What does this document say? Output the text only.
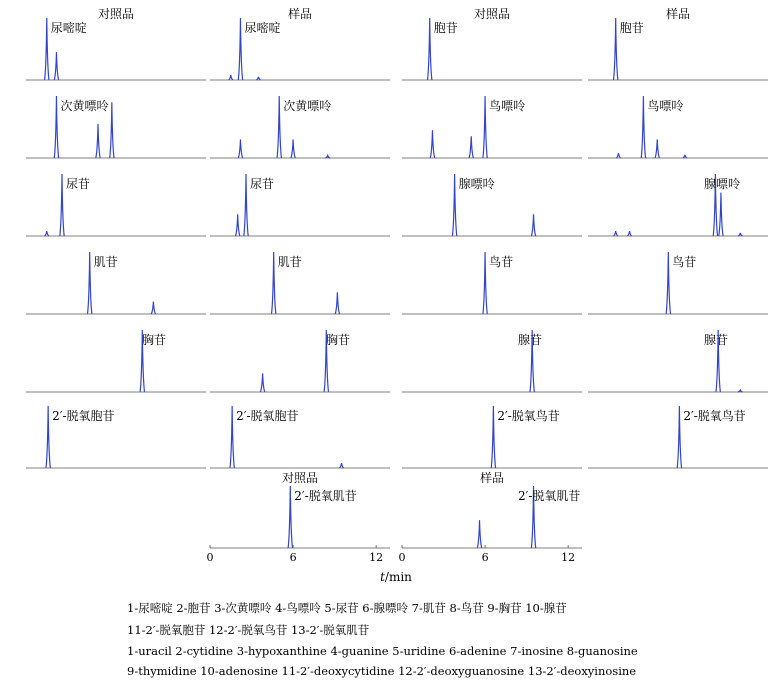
对照品	样品	对照品	样品
尿嘧啶	尿嘧啶	胞苷	胞苷
次黄嘌呤	次黄嘌呤	鸟嘌呤	鸟嘌呤
尿苷	尿苷	腺嘌呤	腺嘌呤
肌苷	肌苷	鸟苷	鸟苷
胸苷	胸苷
2′-脱氧胞苷	2′-脱氧胞苷
腺苷	腺苷
2′-脱氧鸟苷	2′-脱氧鸟苷
2′-脱氧肌苷
对照品
0	6	12
2′-脱氧肌苷
样品
0	6	12
t/min
1-尿嘧啶 2-胞苷 3-次黄嘌呤 4-鸟嘌呤 5-尿苷 6-腺嘌呤 7-肌苷 8-鸟苷 9-胸苷 10-腺苷
11-2′-脱氧胞苷 12-2′-脱氧鸟苷 13-2′-脱氧肌苷
1-uracil 2-cytidine 3-hypoxanthine 4-guanine 5-uridine 6-adenine 7-inosine 8-guanosine
9-thymidine 10-adenosine 11-2′-deoxycytidine 12-2′-deoxyguanosine 13-2′-deoxyinosine
